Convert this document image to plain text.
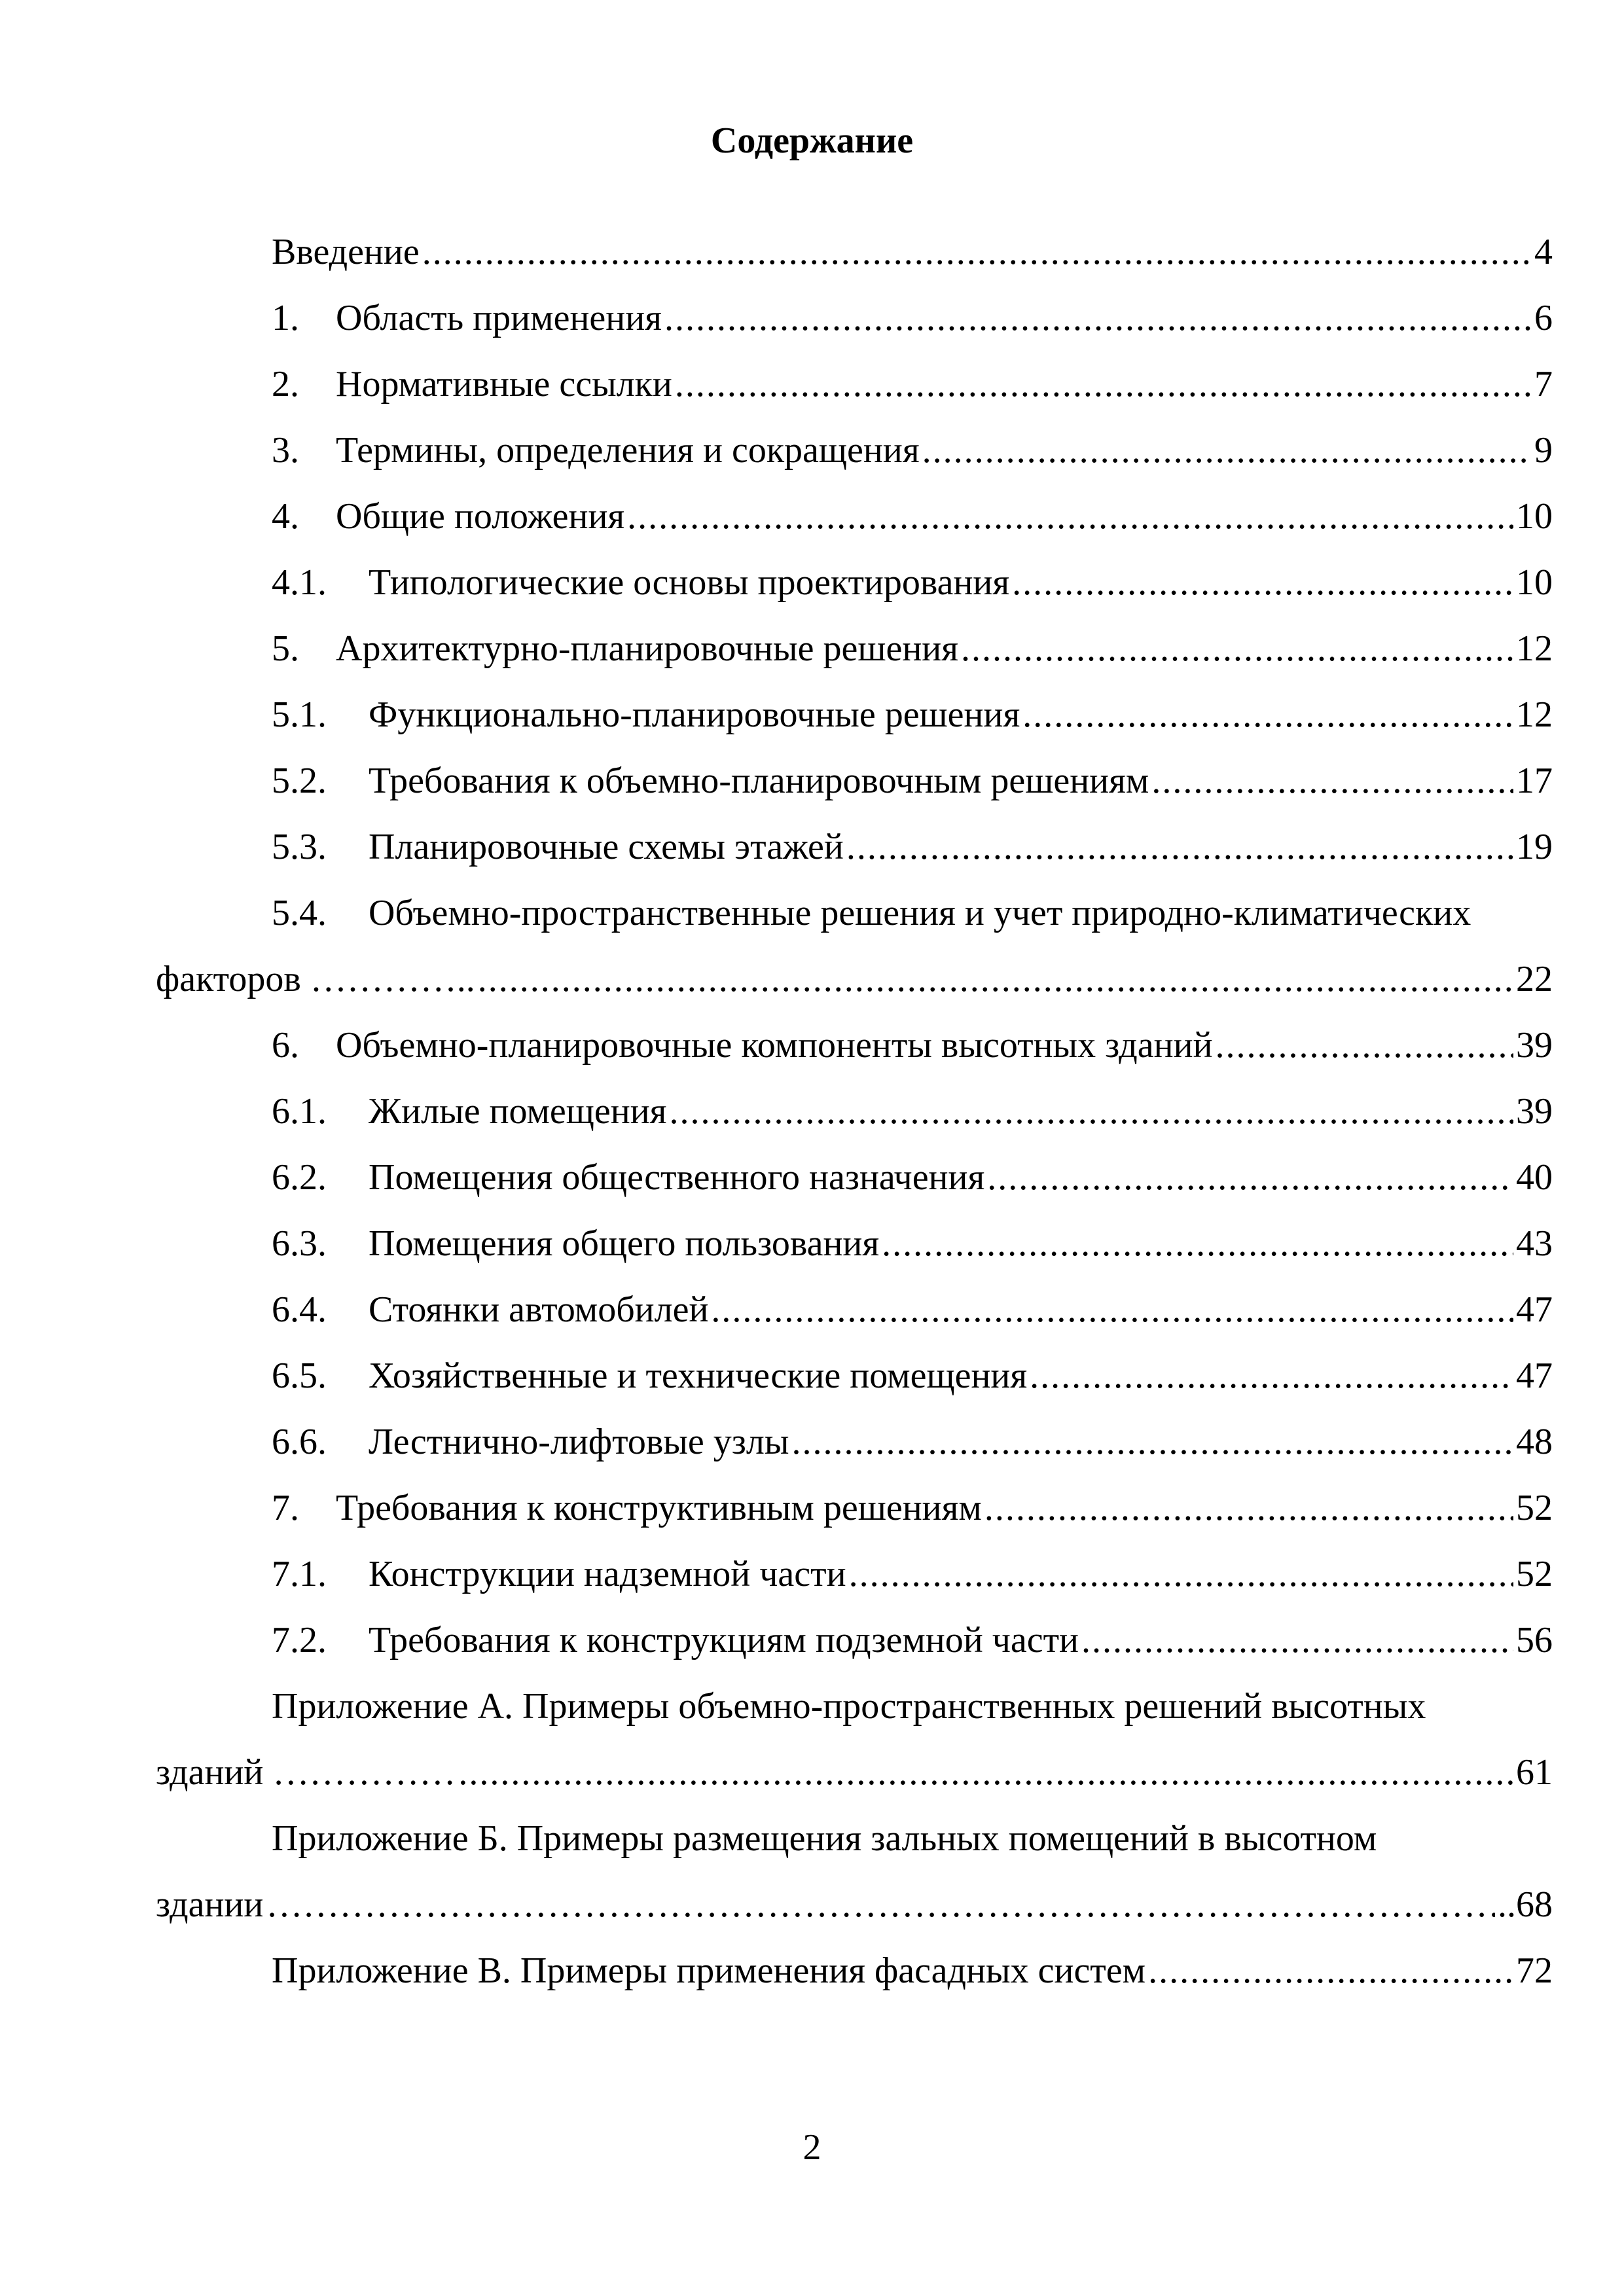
Содержание
Введение .....	4
1.	Область применения .....	6
2.	Нормативные ссылки .....	7
3.	Термины, определения и сокращения .....	9
4.	Общие положения .....	10
4.1.	Типологические основы проектирования .....	10
5.	Архитектурно-планировочные решения .....	12
5.1.	Функционально-планировочные решения .....	12
5.2.	Требования к объемно-планировочным решениям .....	17
5.3.	Планировочные схемы этажей .....	19
5.4.	Объемно-пространственные решения и учет природно-климатических
факторов ………….. .....	22
6.	Объемно-планировочные компоненты высотных зданий .....	39
6.1.	Жилые помещения .....	39
6.2.	Помещения общественного назначения .....	40
6.3.	Помещения общего пользования .....	43
6.4.	Стоянки автомобилей .....	47
6.5.	Хозяйственные и технические помещения .....	47
6.6.	Лестнично-лифтовые узлы .....	48
7.	Требования к конструктивным решениям .....	52
7.1.	Конструкции надземной части .....	52
7.2.	Требования к конструкциям подземной части .....	56
Приложение А. Примеры объемно-пространственных решений высотных
зданий …………… .....	61
Приложение Б. Примеры размещения зальных помещений в высотном
здании ……………………………………………………………………………………………………………………………………………………………………………………………………	..68
Приложение В. Примеры применения фасадных систем .....	72
2
